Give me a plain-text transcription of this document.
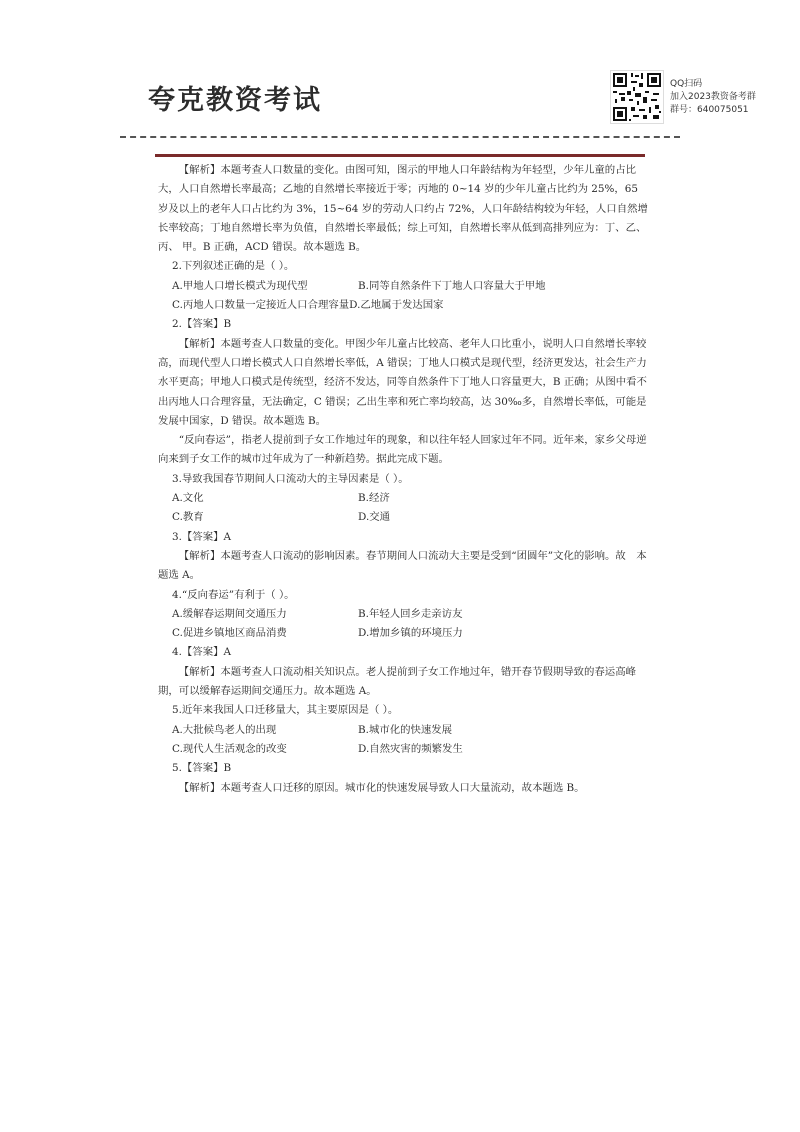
夸克教资考试
QQ扫码
加入2023教资备考群
群号：640075051

【解析】本题考查人口数量的变化。由图可知，图示的甲地人口年龄结构为年轻型，少年儿童的占比大，人口自然增长率最高；乙地的自然增长率接近于零；丙地的 0~14 岁的少年儿童占比约为 25%，65 岁及以上的老年人口占比约为 3%，15~64 岁的劳动人口约占 72%，人口年龄结构较为年轻，人口自然增长率较高；丁地自然增长率为负值，自然增长率最低；综上可知，自然增长率从低到高排列应为：丁、乙、丙、 甲。B 正确，ACD 错误。故本题选 B。

2.下列叙述正确的是（ ）。

A.甲地人口增长模式为现代型	B.同等自然条件下丁地人口容量大于甲地

C.丙地人口数量一定接近人口合理容量D.乙地属于发达国家

2.【答案】B

【解析】本题考查人口数量的变化。甲图少年儿童占比较高、老年人口比重小，说明人口自然增长率较高，而现代型人口增长模式人口自然增长率低，A 错误；丁地人口模式是现代型，经济更发达，社会生产力水平更高；甲地人口模式是传统型，经济不发达，同等自然条件下丁地人口容量更大，B 正确；从图中看不出丙地人口合理容量，无法确定，C 错误；乙出生率和死亡率均较高，达 30‰多，自然增长率低，可能是发展中国家，D 错误。故本题选 B。

“反向春运”，指老人提前到子女工作地过年的现象，和以往年轻人回家过年不同。近年来，家乡父母逆向来到子女工作的城市过年成为了一种新趋势。据此完成下题。

3.导致我国春节期间人口流动大的主导因素是（ ）。

A.文化	B.经济
C.教育	D.交通

3.【答案】A

【解析】本题考查人口流动的影响因素。春节期间人口流动大主要是受到“团圆年”文化的影响。故　本题选 A。

4.“反向春运”有利于（ ）。

A.缓解春运期间交通压力	B.年轻人回乡走亲访友
C.促进乡镇地区商品消费	D.增加乡镇的环境压力

4.【答案】A

【解析】本题考查人口流动相关知识点。老人提前到子女工作地过年，错开春节假期导致的春运高峰　期，可以缓解春运期间交通压力。故本题选 A。

5.近年来我国人口迁移量大，其主要原因是（ ）。

A.大批候鸟老人的出现	B.城市化的快速发展
C.现代人生活观念的改变	D.自然灾害的频繁发生

5.【答案】B

【解析】本题考查人口迁移的原因。城市化的快速发展导致人口大量流动，故本题选 B。
